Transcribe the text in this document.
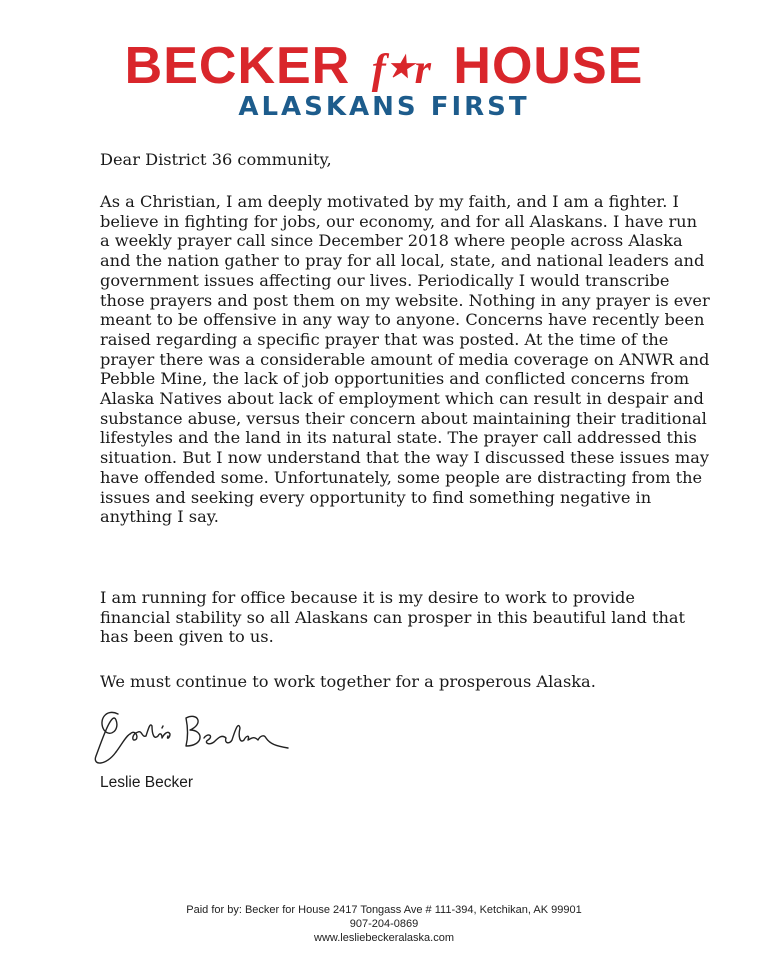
BECKER f★r HOUSE
ALASKANS FIRST
Dear District 36 community,
As a Christian, I am deeply motivated by my faith, and I am a fighter. I believe in fighting for jobs, our economy, and for all Alaskans. I have run a weekly prayer call since December 2018 where people across Alaska and the nation gather to pray for all local, state, and national leaders and government issues affecting our lives. Periodically I would transcribe those prayers and post them on my website. Nothing in any prayer is ever meant to be offensive in any way to anyone. Concerns have recently been raised regarding a specific prayer that was posted. At the time of the prayer there was a considerable amount of media coverage on ANWR and Pebble Mine, the lack of job opportunities and conflicted concerns from Alaska Natives about lack of employment which can result in despair and substance abuse, versus their concern about maintaining their traditional lifestyles and the land in its natural state. The prayer call addressed this situation. But I now understand that the way I discussed these issues may have offended some. Unfortunately, some people are distracting from the issues and seeking every opportunity to find something negative in anything I say.
I am running for office because it is my desire to work to provide financial stability so all Alaskans can prosper in this beautiful land that has been given to us.
We must continue to work together for a prosperous Alaska.
Leslie Becker
Paid for by: Becker for House 2417 Tongass Ave # 111-394, Ketchikan, AK 99901
907-204-0869
www.lesliebeckeralaska.com
